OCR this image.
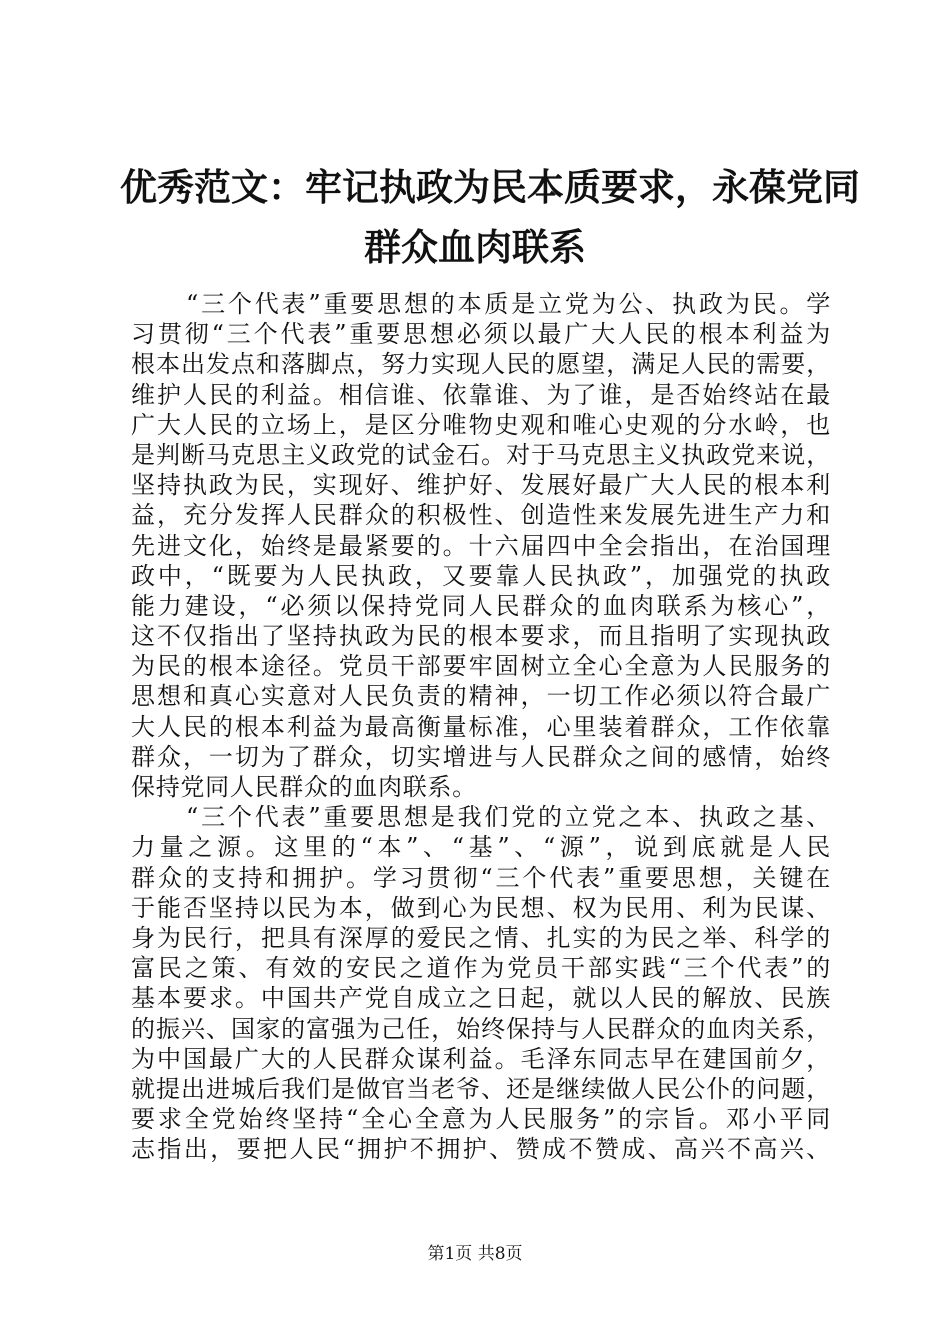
优秀范文：牢记执政为民本质要求，永葆党同
群众血肉联系
“三个代表”重要思想的本质是立党为公、执政为民。学
习贯彻“三个代表”重要思想必须以最广大人民的根本利益为
根本出发点和落脚点，努力实现人民的愿望，满足人民的需要，
维护人民的利益。相信谁、依靠谁、为了谁，是否始终站在最
广大人民的立场上，是区分唯物史观和唯心史观的分水岭，也
是判断马克思主义政党的试金石。对于马克思主义执政党来说，
坚持执政为民，实现好、维护好、发展好最广大人民的根本利
益，充分发挥人民群众的积极性、创造性来发展先进生产力和
先进文化，始终是最紧要的。十六届四中全会指出，在治国理
政中，“既要为人民执政，又要靠人民执政”，加强党的执政
能力建设，“必须以保持党同人民群众的血肉联系为核心”，
这不仅指出了坚持执政为民的根本要求，而且指明了实现执政
为民的根本途径。党员干部要牢固树立全心全意为人民服务的
思想和真心实意对人民负责的精神，一切工作必须以符合最广
大人民的根本利益为最高衡量标准，心里装着群众，工作依靠
群众，一切为了群众，切实增进与人民群众之间的感情，始终
保持党同人民群众的血肉联系。
“三个代表”重要思想是我们党的立党之本、执政之基、
力量之源。这里的“本”、“基”、“源”，说到底就是人民
群众的支持和拥护。学习贯彻“三个代表”重要思想，关键在
于能否坚持以民为本，做到心为民想、权为民用、利为民谋、
身为民行，把具有深厚的爱民之情、扎实的为民之举、科学的
富民之策、有效的安民之道作为党员干部实践“三个代表”的
基本要求。中国共产党自成立之日起，就以人民的解放、民族
的振兴、国家的富强为己任，始终保持与人民群众的血肉关系，
为中国最广大的人民群众谋利益。毛泽东同志早在建国前夕，
就提出进城后我们是做官当老爷、还是继续做人民公仆的问题，
要求全党始终坚持“全心全意为人民服务”的宗旨。邓小平同
志指出，要把人民“拥护不拥护、赞成不赞成、高兴不高兴、
第1页 共8页
